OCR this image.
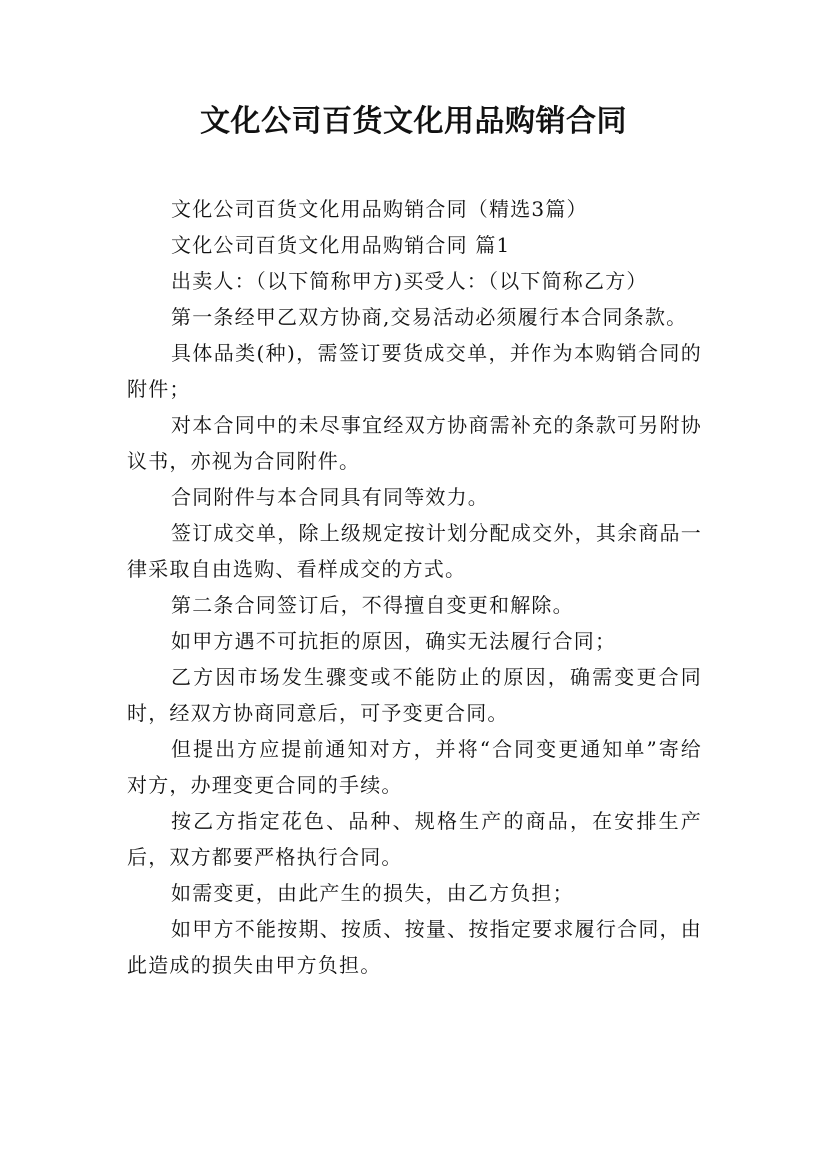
文化公司百货文化用品购销合同

文化公司百货文化用品购销合同（精选3篇）

文化公司百货文化用品购销合同 篇1

出卖人：（以下简称甲方)买受人：（以下简称乙方）

第一条经甲乙双方协商,交易活动必须履行本合同条款。

具体品类(种)，需签订要货成交单，并作为本购销合同的附件；

对本合同中的未尽事宜经双方协商需补充的条款可另附协议书，亦视为合同附件。

合同附件与本合同具有同等效力。

签订成交单，除上级规定按计划分配成交外，其余商品一律采取自由选购、看样成交的方式。

第二条合同签订后，不得擅自变更和解除。

如甲方遇不可抗拒的原因，确实无法履行合同；

乙方因市场发生骤变或不能防止的原因，确需变更合同时，经双方协商同意后，可予变更合同。

但提出方应提前通知对方，并将“合同变更通知单”寄给对方，办理变更合同的手续。

按乙方指定花色、品种、规格生产的商品，在安排生产后，双方都要严格执行合同。

如需变更，由此产生的损失，由乙方负担；

如甲方不能按期、按质、按量、按指定要求履行合同，由此造成的损失由甲方负担。
